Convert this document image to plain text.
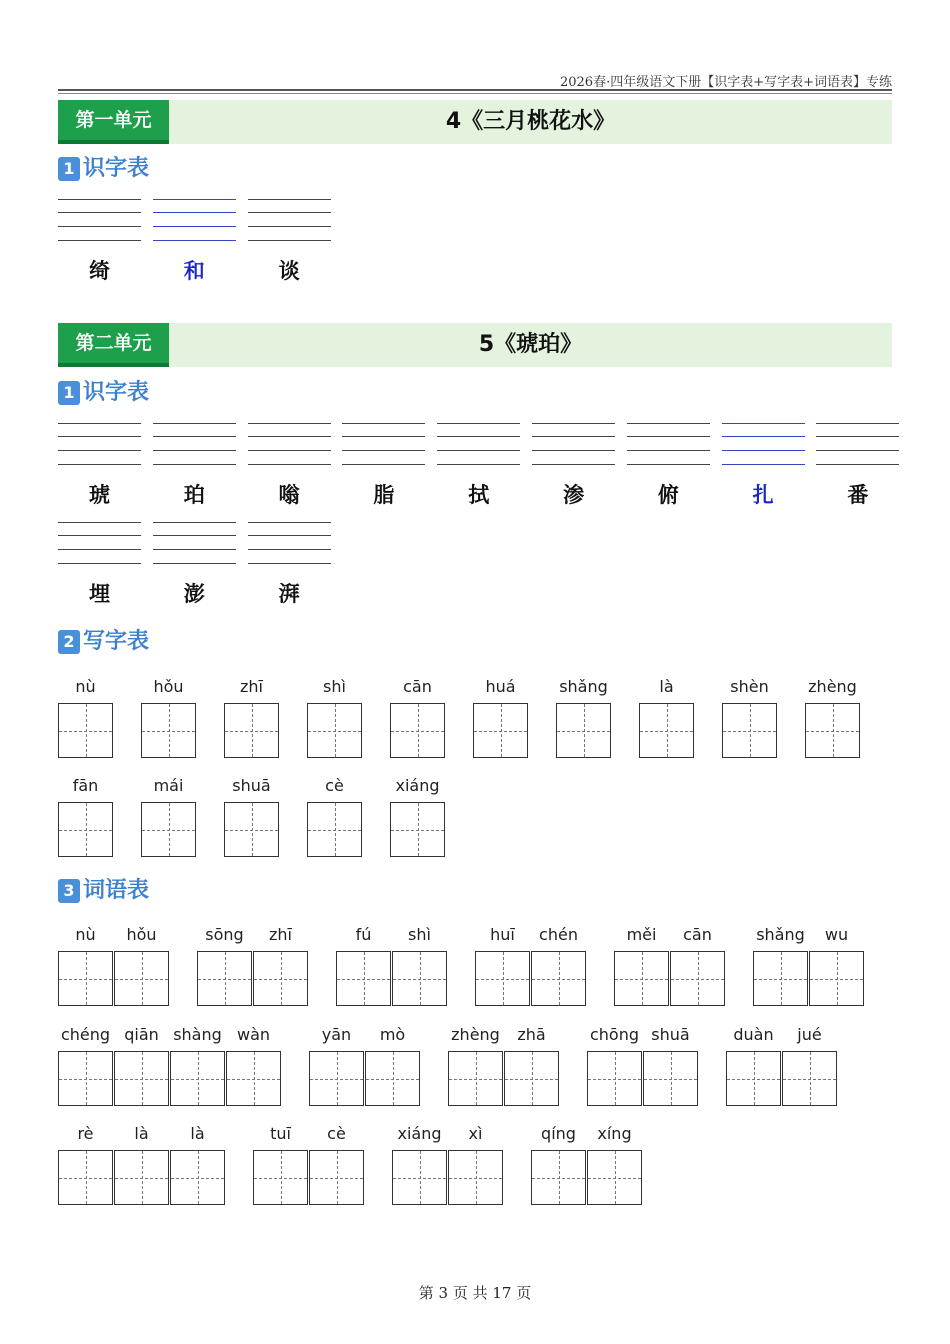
2026春·四年级语文下册【识字表+写字表+词语表】专练
第一单元	4《三月桃花水》
1 识字表
第二单元	5《琥珀》
1 识字表
2 写字表
3 词语表
第 3 页 共 17 页
绮	和	谈
琥	珀	嗡	脂	拭	渗	俯	扎	番
埋	澎	湃
nù	hǒu	zhī	shì	cān	huá	shǎng	là	shèn	zhèng
fān	mái	shuā	cè	xiáng
nù	hǒu	sōng	zhī	fú	shì	huī	chén	měi	cān	shǎng	wu
chéng qiān shàng wàn	yān	mò	zhèng	zhā	chōng shuā	duàn	jué
rè	là	là	tuī	cè	xiáng	xì	qíng	xíng
